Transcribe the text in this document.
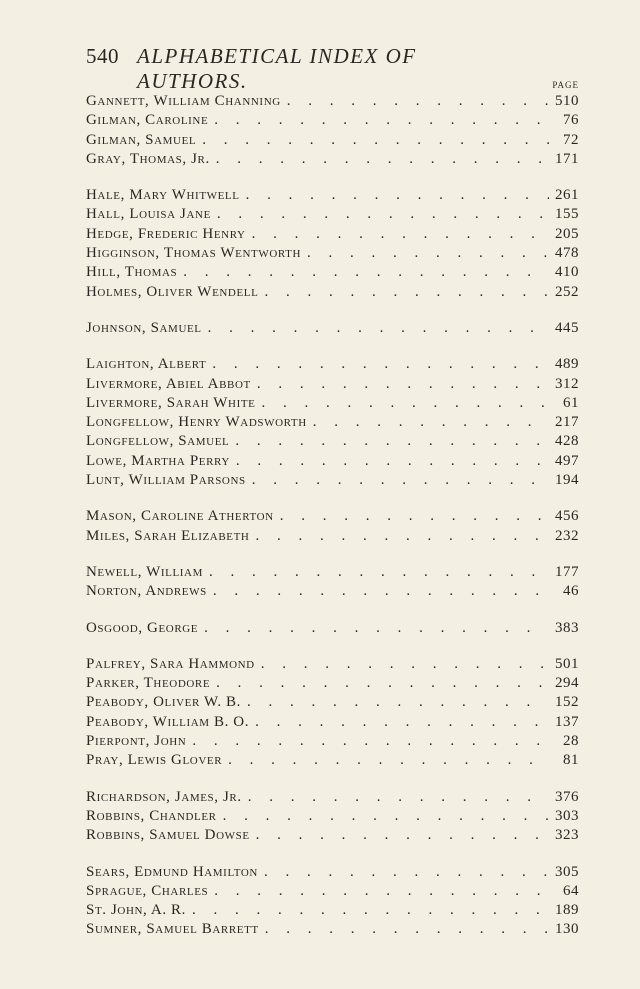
540 ALPHABETICAL INDEX OF AUTHORS.	PAGE
Gannett, William Channing . . .	510
Gilman, Caroline . . .	76
Gilman, Samuel . . .	72
Gray, Thomas, Jr. . . .	171
Hale, Mary Whitwell . . .	261
Hall, Louisa Jane . . .	155
Hedge, Frederic Henry . . .	205
Higginson, Thomas Wentworth . . .	478
Hill, Thomas . . .	410
Holmes, Oliver Wendell . . .	252
Johnson, Samuel . . .	445
Laighton, Albert . . .	489
Livermore, Abiel Abbot . . .	312
Livermore, Sarah White . . .	61
Longfellow, Henry Wadsworth . . .	217
Longfellow, Samuel . . .	428
Lowe, Martha Perry . . .	497
Lunt, William Parsons . . .	194
Mason, Caroline Atherton . . .	456
Miles, Sarah Elizabeth . . .	232
Newell, William . . .	177
Norton, Andrews . . .	46
Osgood, George . . .	383
Palfrey, Sara Hammond . . .	501
Parker, Theodore . . .	294
Peabody, Oliver W. B. . . .	152
Peabody, William B. O. . . .	137
Pierpont, John . . .	28
Pray, Lewis Glover . . .	81
Richardson, James, Jr. . . .	376
Robbins, Chandler . . .	303
Robbins, Samuel Dowse . . .	323
Sears, Edmund Hamilton . . .	305
Sprague, Charles . . .	64
St. John, A. R. . . .	189
Sumner, Samuel Barrett . . .	130
